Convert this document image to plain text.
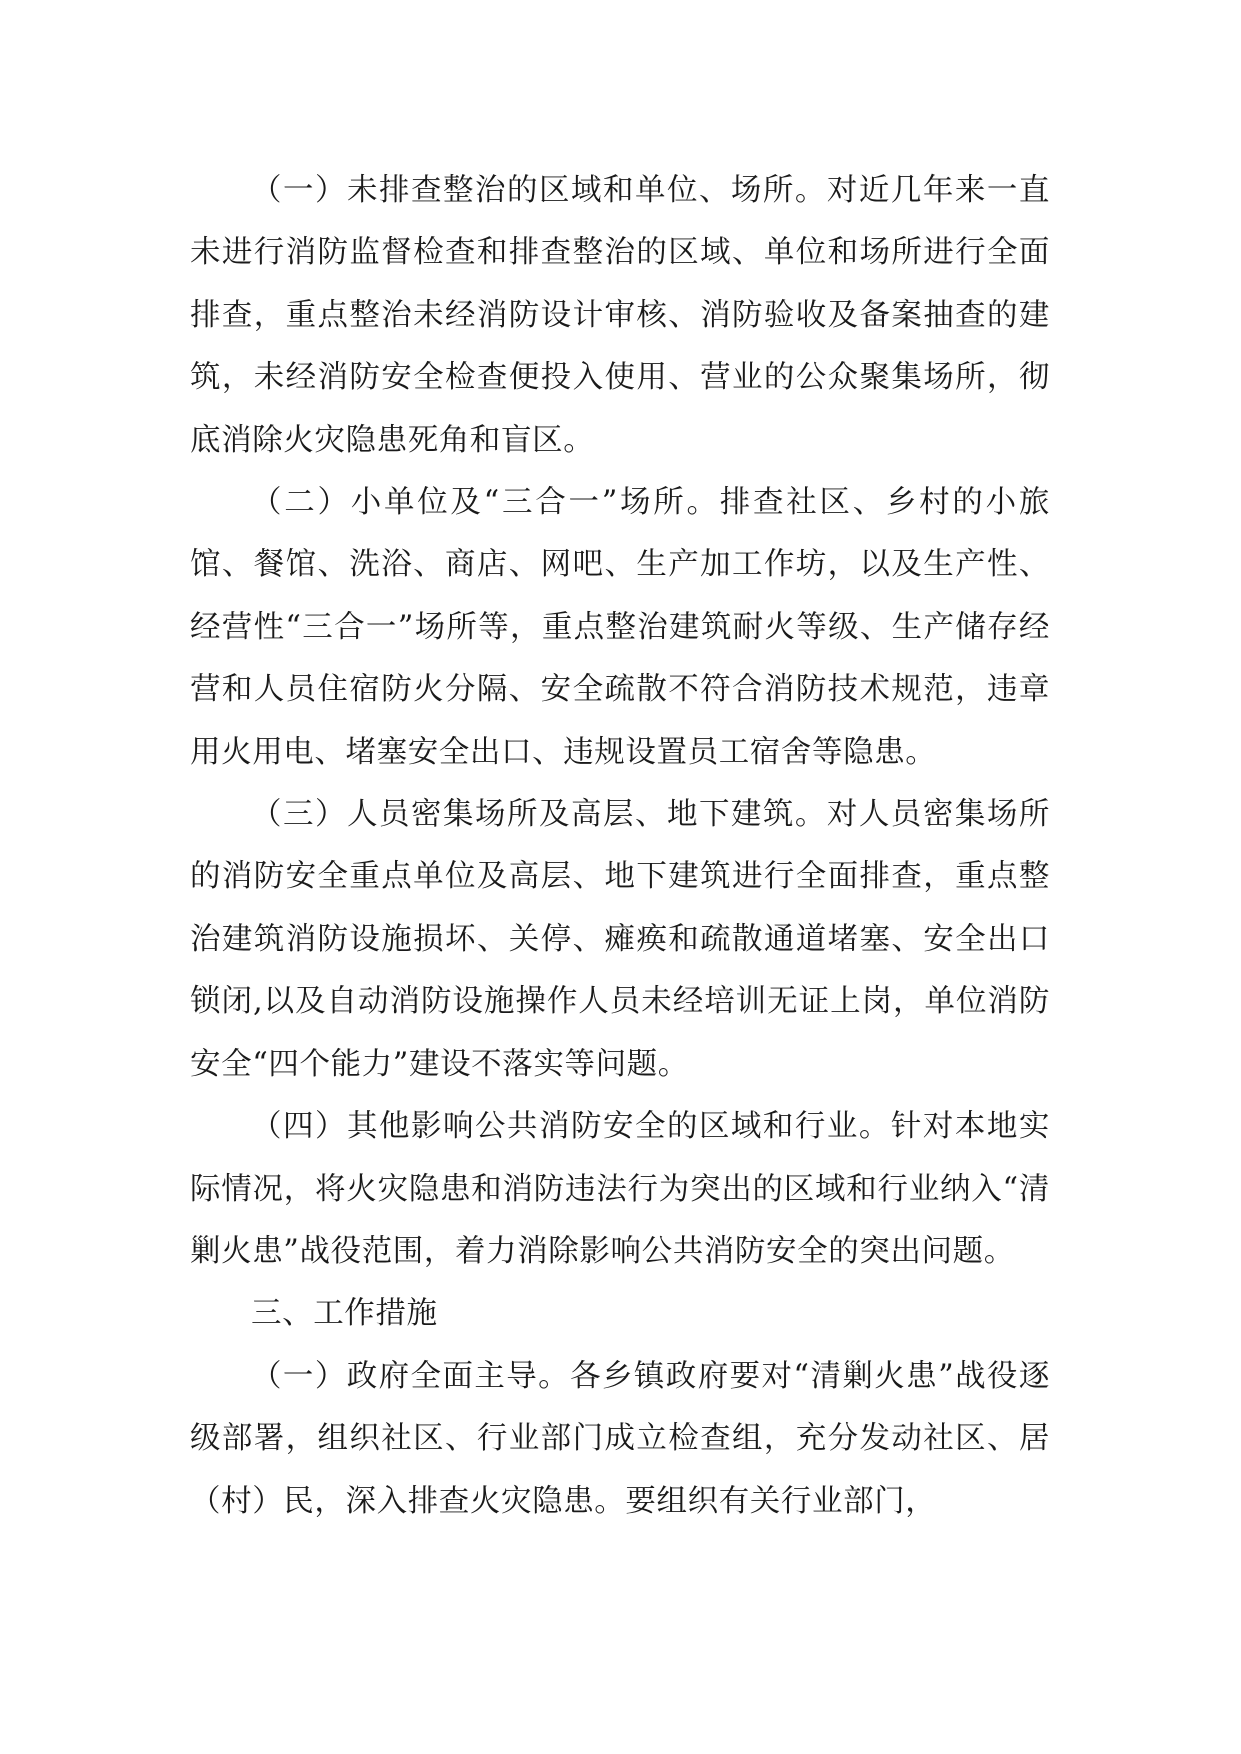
（一）未排查整治的区域和单位、场所。对近几年来一直未进行消防监督检查和排查整治的区域、单位和场所进行全面排查，重点整治未经消防设计审核、消防验收及备案抽查的建筑，未经消防安全检查便投入使用、营业的公众聚集场所，彻底消除火灾隐患死角和盲区。

（二）小单位及“三合一”场所。排查社区、乡村的小旅馆、餐馆、洗浴、商店、网吧、生产加工作坊，以及生产性、经营性“三合一”场所等，重点整治建筑耐火等级、生产储存经营和人员住宿防火分隔、安全疏散不符合消防技术规范，违章用火用电、堵塞安全出口、违规设置员工宿舍等隐患。

（三）人员密集场所及高层、地下建筑。对人员密集场所的消防安全重点单位及高层、地下建筑进行全面排查，重点整治建筑消防设施损坏、关停、瘫痪和疏散通道堵塞、安全出口锁闭,以及自动消防设施操作人员未经培训无证上岗，单位消防安全“四个能力”建设不落实等问题。

（四）其他影响公共消防安全的区域和行业。针对本地实际情况，将火灾隐患和消防违法行为突出的区域和行业纳入“清剿火患”战役范围，着力消除影响公共消防安全的突出问题。

三、工作措施

（一）政府全面主导。各乡镇政府要对“清剿火患”战役逐级部署，组织社区、行业部门成立检查组，充分发动社区、居（村）民，深入排查火灾隐患。要组织有关行业部门，
